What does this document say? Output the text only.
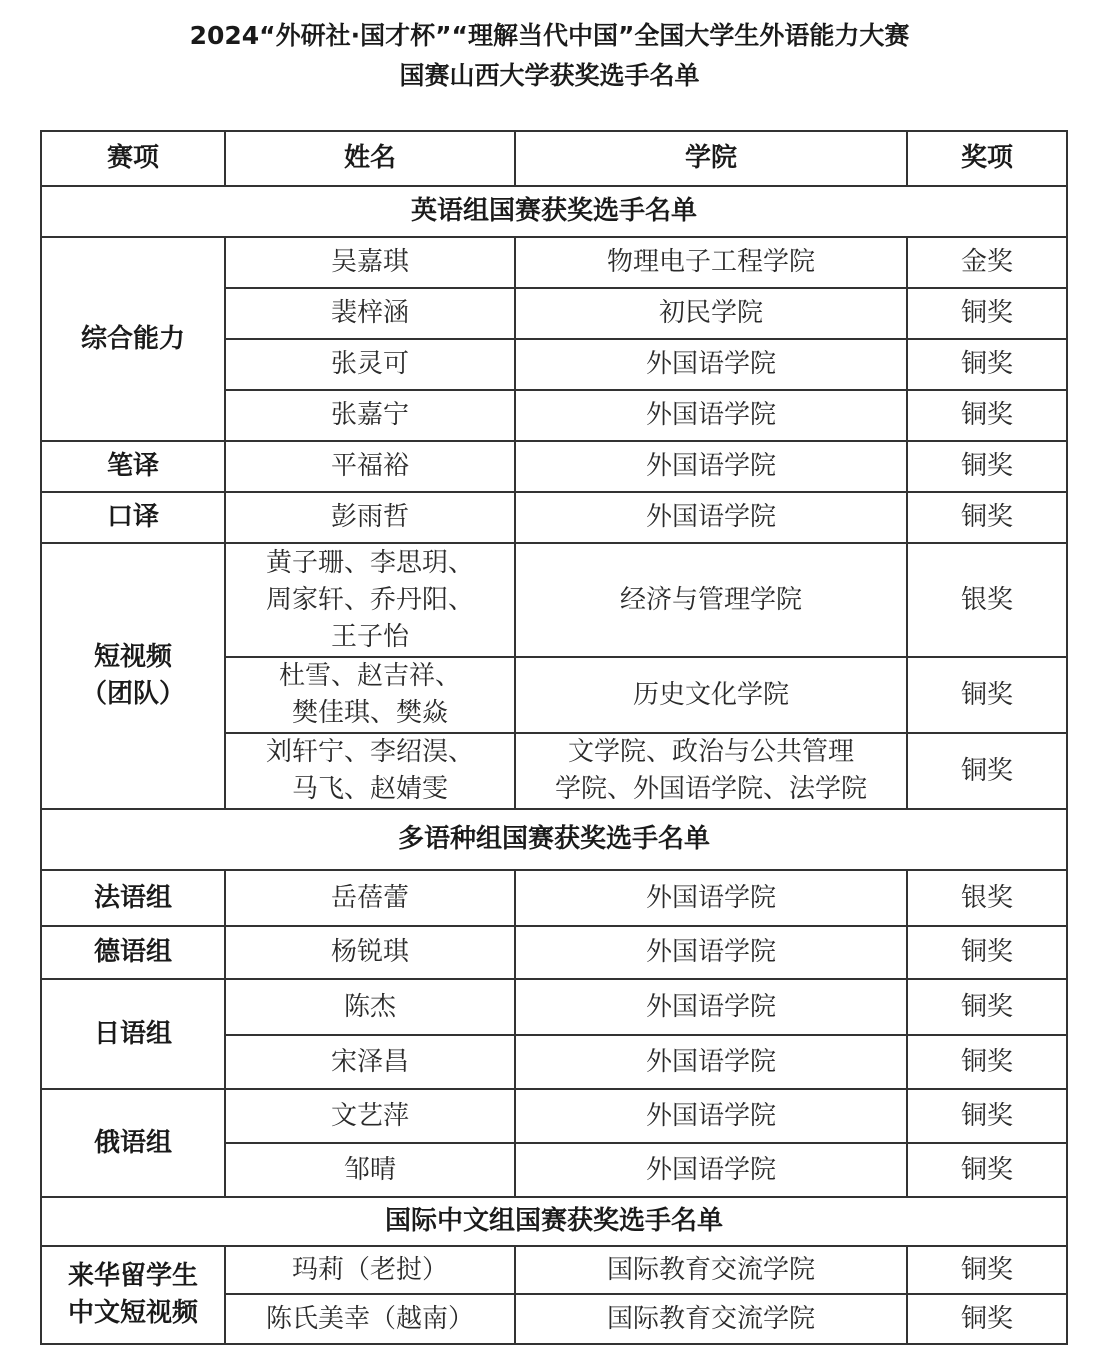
2024“外研社·国才杯”“理解当代中国”全国大学生外语能力大赛
国赛山西大学获奖选手名单
赛项	姓名	学院	奖项
英语组国赛获奖选手名单			
综合能力	吴嘉琪	物理电子工程学院	金奖
	裴梓涵	初民学院	铜奖
	张灵可	外国语学院	铜奖
	张嘉宁	外国语学院	铜奖
笔译	平福裕	外国语学院	铜奖
口译	彭雨哲	外国语学院	铜奖

短视频
（团队）	黄子珊、李思玥、
周家轩、乔丹阳、
王子怡	经济与管理学院	银奖

	杜雪、赵吉祥、
樊佳琪、樊焱	历史文化学院	铜奖

	刘轩宁、李绍淏、
马飞、赵婧雯	文学院、政治与公共管理
学院、外国语学院、法学院	铜奖
多语种组国赛获奖选手名单			
法语组	岳蓓蕾	外国语学院	银奖
德语组	杨锐琪	外国语学院	铜奖
日语组	陈杰	外国语学院	铜奖
	宋泽昌	外国语学院	铜奖
俄语组	文艺萍	外国语学院	铜奖
	邹晴	外国语学院	铜奖
国际中文组国赛获奖选手名单			

来华留学生
中文短视频	玛莉（老挝）	国际教育交流学院	铜奖
	陈氏美幸（越南）	国际教育交流学院	铜奖
